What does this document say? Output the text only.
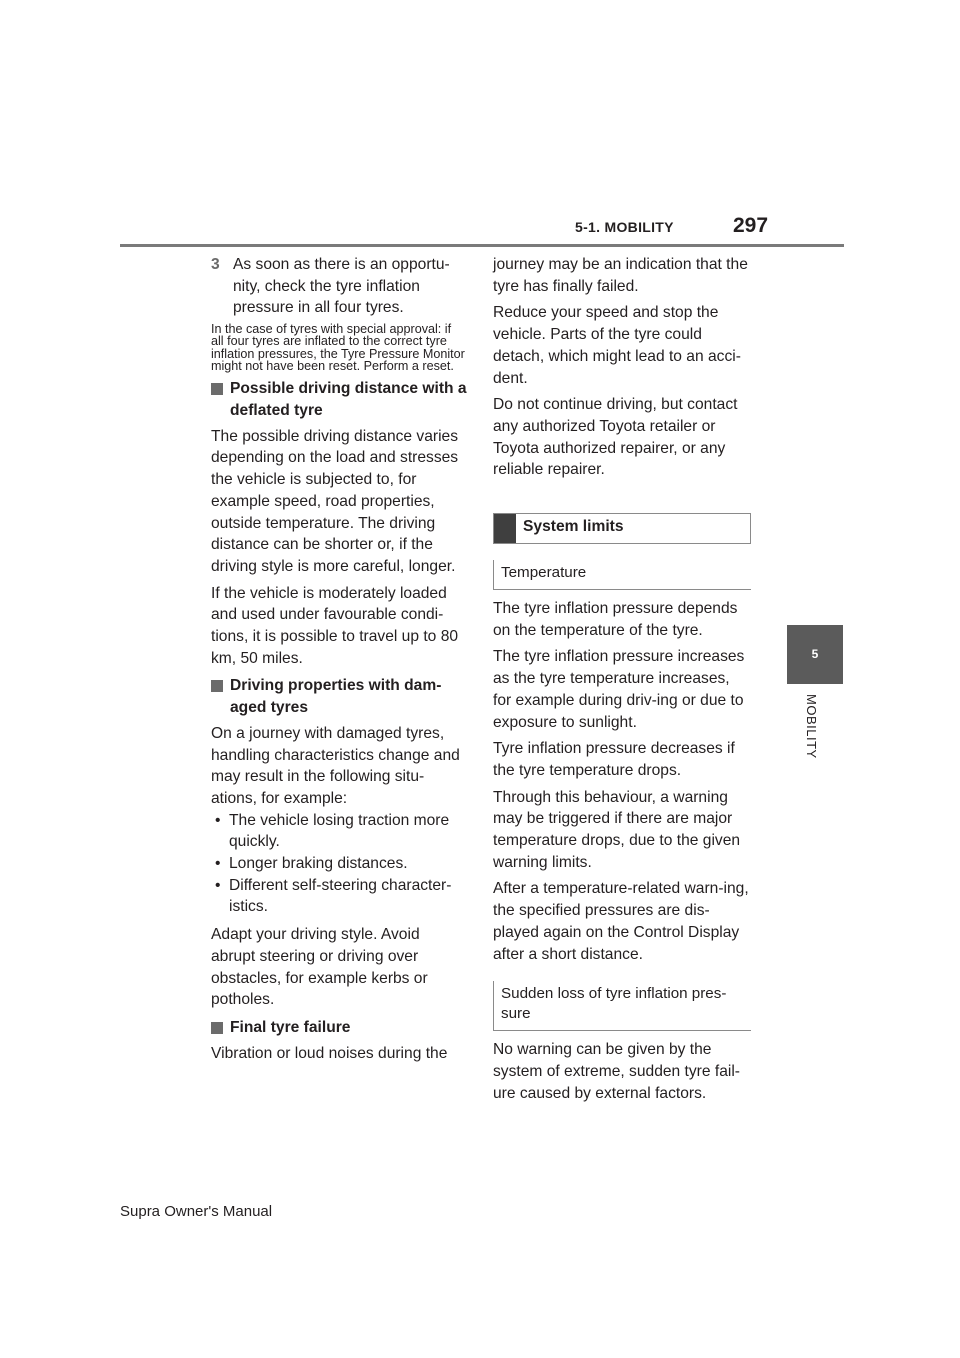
5-1. MOBILITY	297
5
MOBILITY
3 As soon as there is an opportu-nity, check the tyre inflation pressure in all four tyres.

In the case of tyres with special approval: if all four tyres are inflated to the correct tyre inflation pressures, the Tyre Pressure Monitor might not have been reset. Perform a reset.

Possible driving distance with a deflated tyre

The possible driving distance varies depending on the load and stresses the vehicle is subjected to, for example speed, road properties, outside temperature. The driving distance can be shorter or, if the driving style is more careful, longer.

If the vehicle is moderately loaded and used under favourable condi-tions, it is possible to travel up to 80 km, 50 miles.

Driving properties with dam-aged tyres

On a journey with damaged tyres, handling characteristics change and may result in the following situ-ations, for example:

• The vehicle losing traction more quickly.
• Longer braking distances.
• Different self-steering character-istics.

Adapt your driving style. Avoid abrupt steering or driving over obstacles, for example kerbs or potholes.

Final tyre failure

Vibration or loud noises during the

journey may be an indication that the tyre has finally failed.

Reduce your speed and stop the vehicle. Parts of the tyre could detach, which might lead to an acci-dent.

Do not continue driving, but contact any authorized Toyota retailer or Toyota authorized repairer, or any reliable repairer.

System limits
Temperature

The tyre inflation pressure depends on the temperature of the tyre.

The tyre inflation pressure increases as the tyre temperature increases, for example during driv-ing or due to exposure to sunlight.

Tyre inflation pressure decreases if the tyre temperature drops.

Through this behaviour, a warning may be triggered if there are major temperature drops, due to the given warning limits.

After a temperature-related warn-ing, the specified pressures are dis-played again on the Control Display after a short distance.

Sudden loss of tyre inflation pres-sure

No warning can be given by the system of extreme, sudden tyre fail-ure caused by external factors.

Supra Owner's Manual
